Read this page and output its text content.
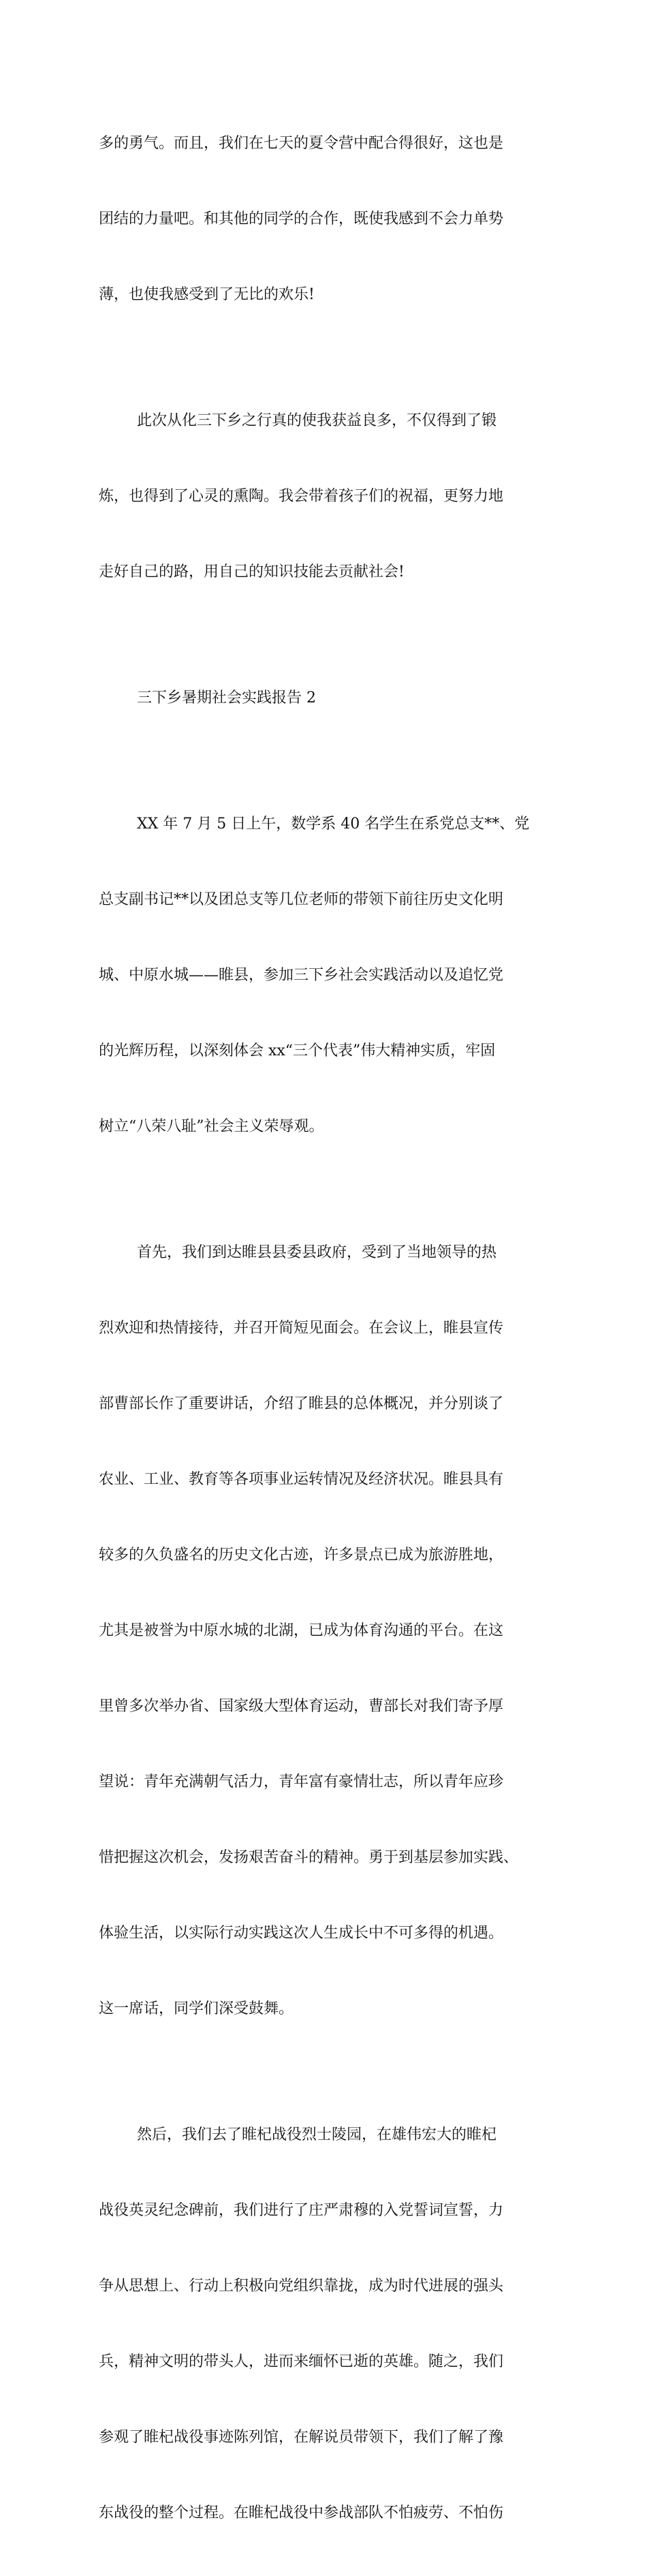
多的勇气。而且，我们在七天的夏令营中配合得很好，这也是

团结的力量吧。和其他的同学的合作，既使我感到不会力单势

薄，也使我感受到了无比的欢乐!

此次从化三下乡之行真的使我获益良多，不仅得到了锻

炼，也得到了心灵的熏陶。我会带着孩子们的祝福，更努力地

走好自己的路，用自己的知识技能去贡献社会!

三下乡暑期社会实践报告 2

XX 年 7 月 5 日上午，数学系 40 名学生在系党总支**、党

总支副书记**以及团总支等几位老师的带领下前往历史文化明

城、中原水城——睢县，参加三下乡社会实践活动以及追忆党

的光辉历程，以深刻体会 xx“三个代表”伟大精神实质，牢固

树立“八荣八耻”社会主义荣辱观。

首先，我们到达睢县县委县政府，受到了当地领导的热

烈欢迎和热情接待，并召开简短见面会。在会议上，睢县宣传

部曹部长作了重要讲话，介绍了睢县的总体概况，并分别谈了

农业、工业、教育等各项事业运转情况及经济状况。睢县具有

较多的久负盛名的历史文化古迹，许多景点已成为旅游胜地，

尤其是被誉为中原水城的北湖，已成为体育沟通的平台。在这

里曾多次举办省、国家级大型体育运动，曹部长对我们寄予厚

望说：青年充满朝气活力，青年富有豪情壮志，所以青年应珍

惜把握这次机会，发扬艰苦奋斗的精神。勇于到基层参加实践、

体验生活，以实际行动实践这次人生成长中不可多得的机遇。

这一席话，同学们深受鼓舞。

然后，我们去了睢杞战役烈士陵园，在雄伟宏大的睢杞

战役英灵纪念碑前，我们进行了庄严肃穆的入党誓词宣誓，力

争从思想上、行动上积极向党组织靠拢，成为时代进展的强头

兵，精神文明的带头人，进而来缅怀已逝的英雄。随之，我们

参观了睢杞战役事迹陈列馆，在解说员带领下，我们了解了豫

东战役的整个过程。在睢杞战役中参战部队不怕疲劳、不怕伤
